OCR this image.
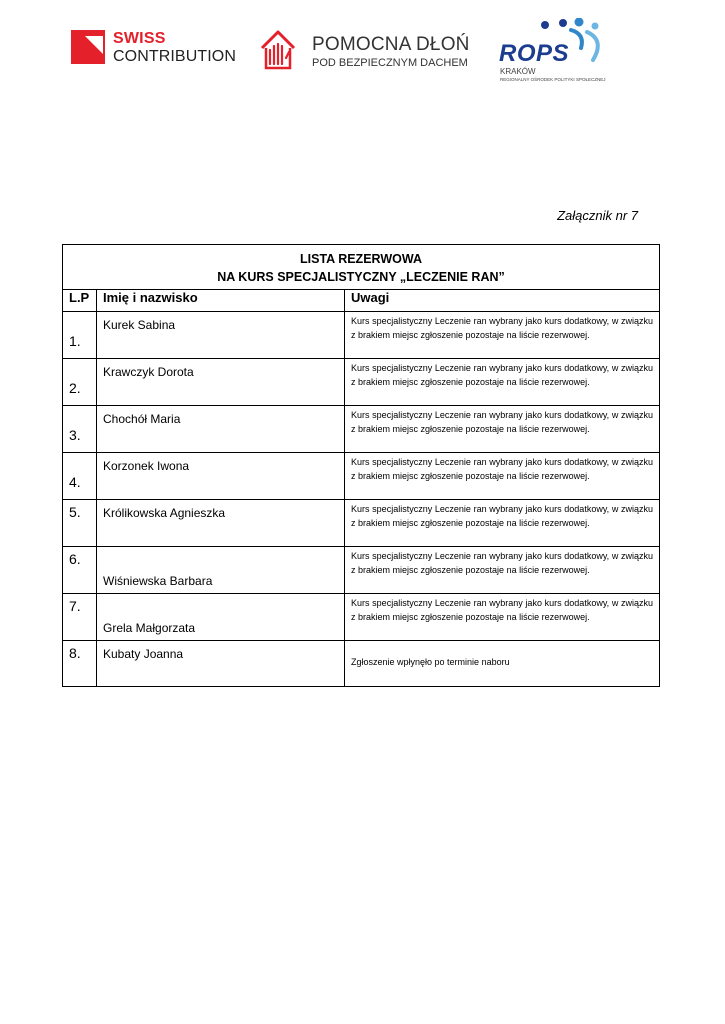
SWISS
CONTRIBUTION
POMOCNA DŁOŃ
POD BEZPIECZNYM DACHEM ROPS
KRAKÓW
REGIONALNY OŚRODEK POLITYKI SPOŁECZNEJ
Załącznik nr 7
LISTA REZERWOWA
NA KURS SPECJALISTYCZNY „LECZENIE RAN”		

L.P	Imię i nazwisko	Uwagi

1.	Kurek Sabina	Kurs specjalistyczny Leczenie ran wybrany jako kurs dodatkowy, w związku z brakiem miejsc zgłoszenie pozostaje na liście rezerwowej.

2.	Krawczyk Dorota	Kurs specjalistyczny Leczenie ran wybrany jako kurs dodatkowy, w związku z brakiem miejsc zgłoszenie pozostaje na liście rezerwowej.

3.	Chochół Maria	Kurs specjalistyczny Leczenie ran wybrany jako kurs dodatkowy, w związku z brakiem miejsc zgłoszenie pozostaje na liście rezerwowej.

4.	Korzonek Iwona	Kurs specjalistyczny Leczenie ran wybrany jako kurs dodatkowy, w związku z brakiem miejsc zgłoszenie pozostaje na liście rezerwowej.

5.	Królikowska Agnieszka	Kurs specjalistyczny Leczenie ran wybrany jako kurs dodatkowy, w związku z brakiem miejsc zgłoszenie pozostaje na liście rezerwowej.

6.	Wiśniewska Barbara	Kurs specjalistyczny Leczenie ran wybrany jako kurs dodatkowy, w związku z brakiem miejsc zgłoszenie pozostaje na liście rezerwowej.

7.	Grela Małgorzata	Kurs specjalistyczny Leczenie ran wybrany jako kurs dodatkowy, w związku z brakiem miejsc zgłoszenie pozostaje na liście rezerwowej.

8.	Kubaty Joanna	Zgłoszenie wpłynęło po terminie naboru
